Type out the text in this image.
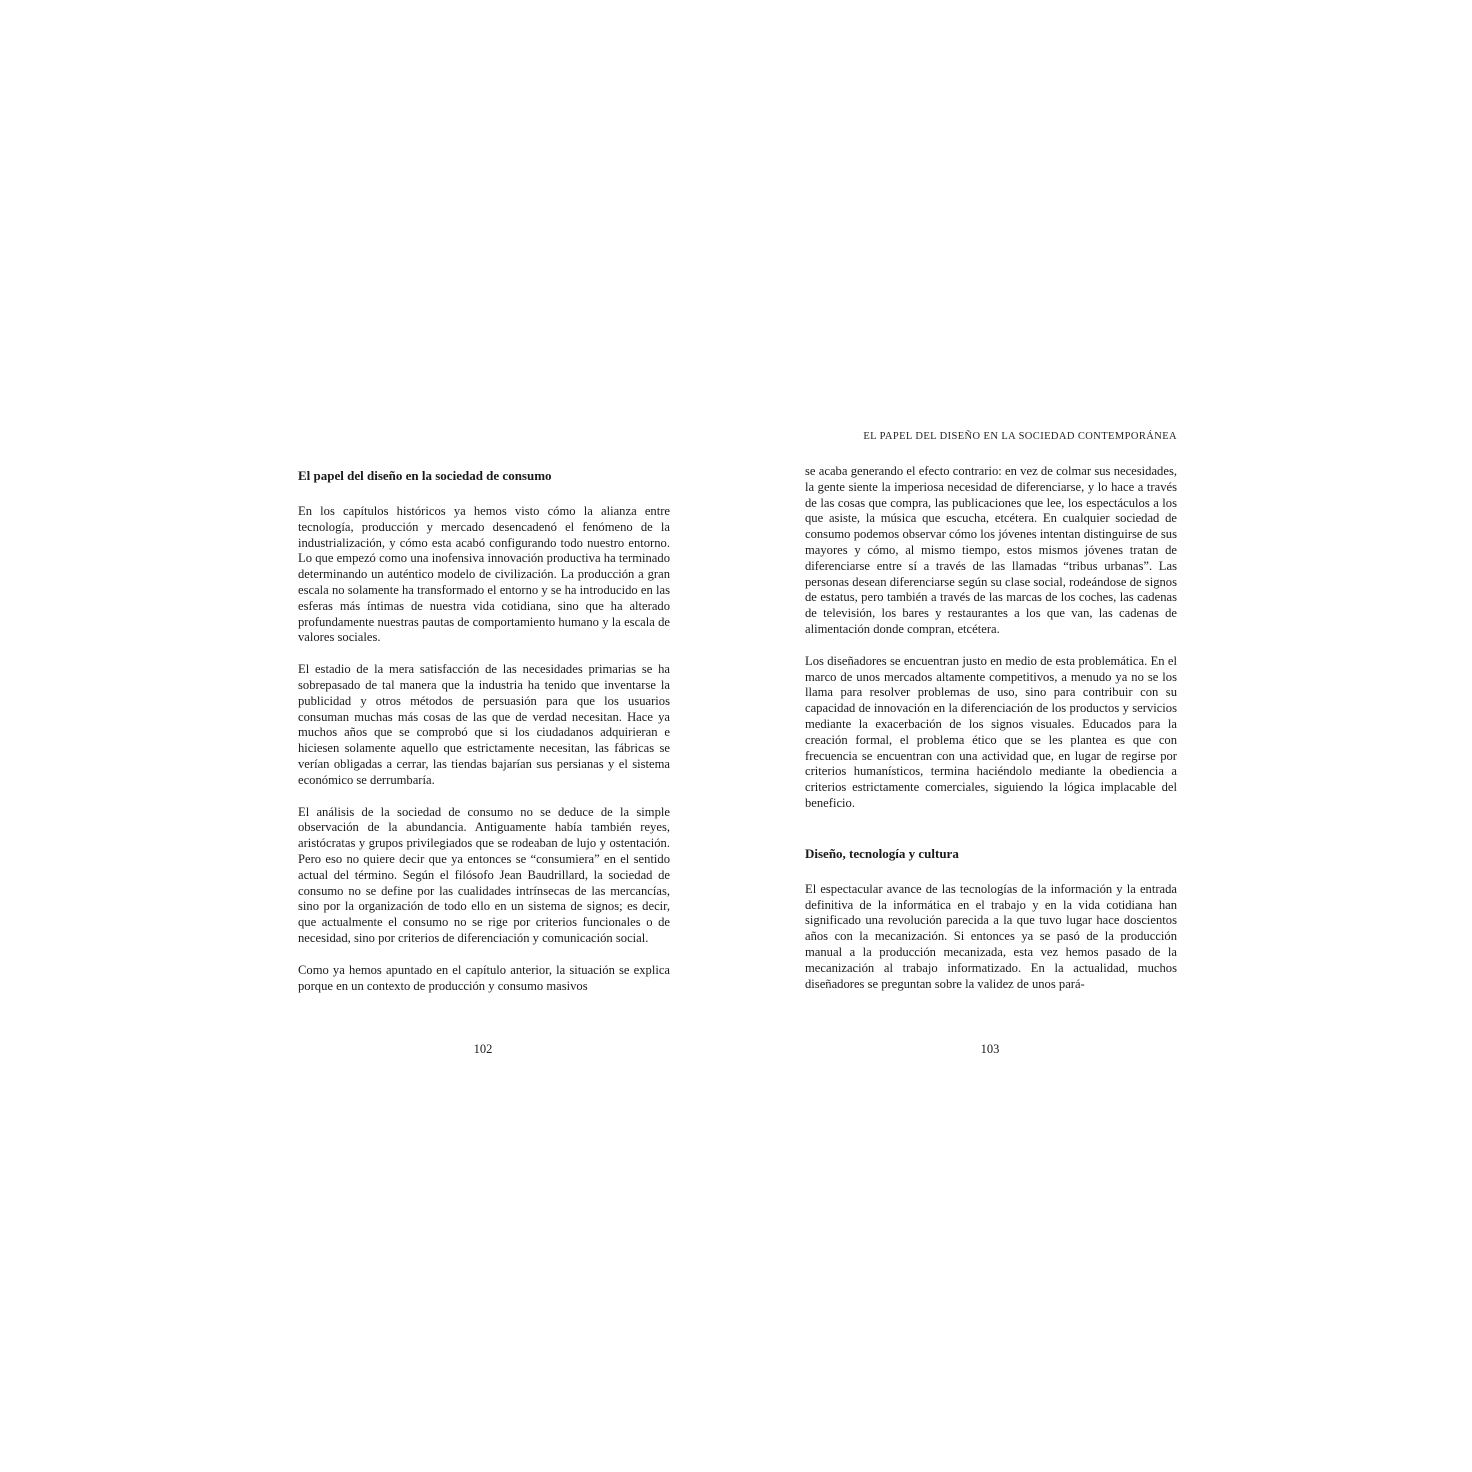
EL PAPEL DEL DISEÑO EN LA SOCIEDAD CONTEMPORÁNEA
El papel del diseño en la sociedad de consumo

En los capítulos históricos ya hemos visto cómo la alianza entre tecnología, producción y mercado desencadenó el fenómeno de la industrialización, y cómo esta acabó configurando todo nuestro entorno. Lo que empezó como una inofensiva innovación productiva ha terminado determinando un auténtico modelo de civilización. La producción a gran escala no solamente ha transformado el entorno y se ha introducido en las esferas más íntimas de nuestra vida cotidiana, sino que ha alterado profundamente nuestras pautas de comportamiento humano y la escala de valores sociales.

El estadio de la mera satisfacción de las necesidades primarias se ha sobrepasado de tal manera que la industria ha tenido que inventarse la publicidad y otros métodos de persuasión para que los usuarios consuman muchas más cosas de las que de verdad necesitan. Hace ya muchos años que se comprobó que si los ciudadanos adquirieran e hiciesen solamente aquello que estrictamente necesitan, las fábricas se verían obligadas a cerrar, las tiendas bajarían sus persianas y el sistema económico se derrumbaría.

El análisis de la sociedad de consumo no se deduce de la simple observación de la abundancia. Antiguamente había también reyes, aristócratas y grupos privilegiados que se rodeaban de lujo y ostentación. Pero eso no quiere decir que ya entonces se “consumiera” en el sentido actual del término. Según el filósofo Jean Baudrillard, la sociedad de consumo no se define por las cualidades intrínsecas de las mercancías, sino por la organización de todo ello en un sistema de signos; es decir, que actualmente el consumo no se rige por criterios funcionales o de necesidad, sino por criterios de diferenciación y comunicación social.

Como ya hemos apuntado en el capítulo anterior, la situación se explica porque en un contexto de producción y consumo masivos

se acaba generando el efecto contrario: en vez de colmar sus necesidades, la gente siente la imperiosa necesidad de diferenciarse, y lo hace a través de las cosas que compra, las publicaciones que lee, los espectáculos a los que asiste, la música que escucha, etcétera. En cualquier sociedad de consumo podemos observar cómo los jóvenes intentan distinguirse de sus mayores y cómo, al mismo tiempo, estos mismos jóvenes tratan de diferenciarse entre sí a través de las llamadas “tribus urbanas”. Las personas desean diferenciarse según su clase social, rodeándose de signos de estatus, pero también a través de las marcas de los coches, las cadenas de televisión, los bares y restaurantes a los que van, las cadenas de alimentación donde compran, etcétera.

Los diseñadores se encuentran justo en medio de esta problemática. En el marco de unos mercados altamente competitivos, a menudo ya no se los llama para resolver problemas de uso, sino para contribuir con su capacidad de innovación en la diferenciación de los productos y servicios mediante la exacerbación de los signos visuales. Educados para la creación formal, el problema ético que se les plantea es que con frecuencia se encuentran con una actividad que, en lugar de regirse por criterios humanísticos, termina haciéndolo mediante la obediencia a criterios estrictamente comerciales, siguiendo la lógica implacable del beneficio.

Diseño, tecnología y cultura

El espectacular avance de las tecnologías de la información y la entrada definitiva de la informática en el trabajo y en la vida cotidiana han significado una revolución parecida a la que tuvo lugar hace doscientos años con la mecanización. Si entonces ya se pasó de la producción manual a la producción mecanizada, esta vez hemos pasado de la mecanización al trabajo informatizado. En la actualidad, muchos diseñadores se preguntan sobre la validez de unos pará-

102	103
